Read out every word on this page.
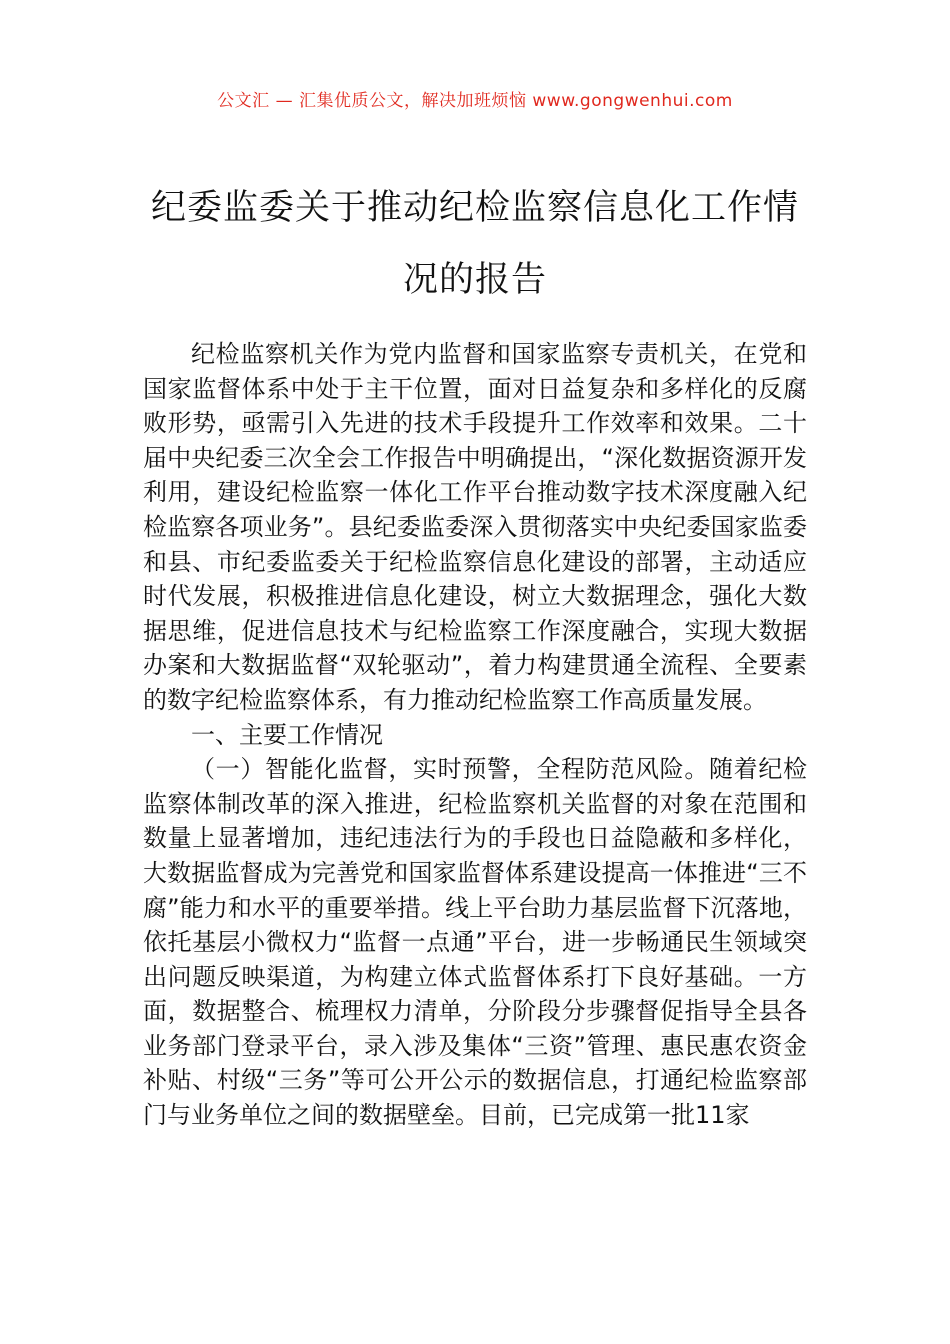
公文汇 — 汇集优质公文，解决加班烦恼 www.gongwenhui.com
纪委监委关于推动纪检监察信息化工作情况的报告

纪检监察机关作为党内监督和国家监察专责机关，在党和国家监督体系中处于主干位置，面对日益复杂和多样化的反腐败形势，亟需引入先进的技术手段提升工作效率和效果。二十届中央纪委三次全会工作报告中明确提出，“深化数据资源开发利用，建设纪检监察一体化工作平台推动数字技术深度融入纪检监察各项业务”。县纪委监委深入贯彻落实中央纪委国家监委和县、市纪委监委关于纪检监察信息化建设的部署，主动适应时代发展，积极推进信息化建设，树立大数据理念，强化大数据思维，促进信息技术与纪检监察工作深度融合，实现大数据办案和大数据监督“双轮驱动”，着力构建贯通全流程、全要素的数字纪检监察体系，有力推动纪检监察工作高质量发展。

一、主要工作情况

（一）智能化监督，实时预警，全程防范风险。随着纪检监察体制改革的深入推进，纪检监察机关监督的对象在范围和数量上显著增加，违纪违法行为的手段也日益隐蔽和多样化，大数据监督成为完善党和国家监督体系建设提高一体推进“三不腐”能力和水平的重要举措。线上平台助力基层监督下沉落地，依托基层小微权力“监督一点通”平台，进一步畅通民生领域突出问题反映渠道，为构建立体式监督体系打下良好基础。一方面，数据整合、梳理权力清单，分阶段分步骤督促指导全县各业务部门登录平台，录入涉及集体“三资”管理、惠民惠农资金补贴、村级“三务”等可公开公示的数据信息，打通纪检监察部门与业务单位之间的数据壁垒。目前，已完成第一批11家
